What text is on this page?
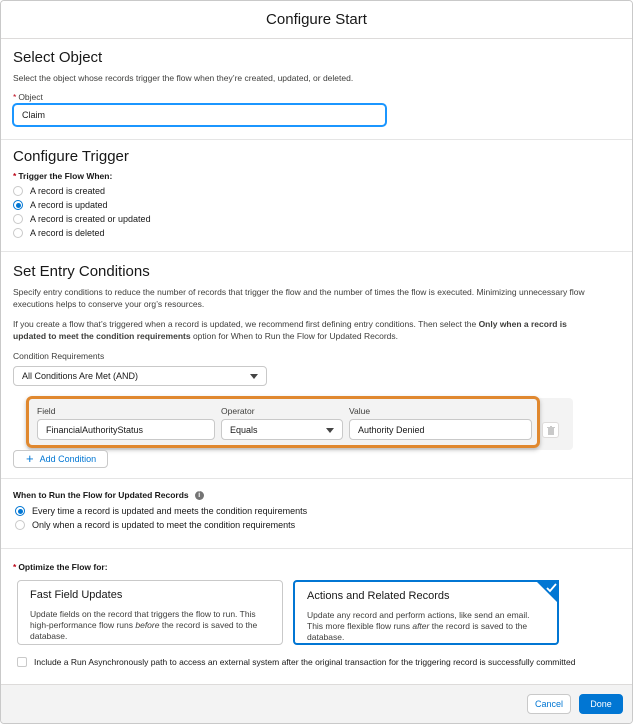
Configure Start
Select Object
Select the object whose records trigger the flow when they’re created, updated, or deleted.
* Object
Claim
Configure Trigger
* Trigger the Flow When:
A record is created
A record is updated
A record is created or updated
A record is deleted
Set Entry Conditions
Specify entry conditions to reduce the number of records that trigger the flow and the number of times the flow is executed. Minimizing unnecessary flow executions helps to conserve your org’s resources.
If you create a flow that’s triggered when a record is updated, we recommend first defining entry conditions. Then select the Only when a record is updated to meet the condition requirements option for When to Run the Flow for Updated Records.
Condition Requirements
All Conditions Are Met (AND)
Field	Operator	Value
FinancialAuthorityStatus	Equals	Authority Denied
+ Add Condition
When to Run the Flow for Updated Records	i
Every time a record is updated and meets the condition requirements
Only when a record is updated to meet the condition requirements
* Optimize the Flow for:
Fast Field Updates
Update fields on the record that triggers the flow to run. This high-performance flow runs before the record is saved to the database.
Actions and Related Records
Update any record and perform actions, like send an email. This more flexible flow runs after the record is saved to the database.
Include a Run Asynchronously path to access an external system after the original transaction for the triggering record is successfully committed
Cancel	Done
